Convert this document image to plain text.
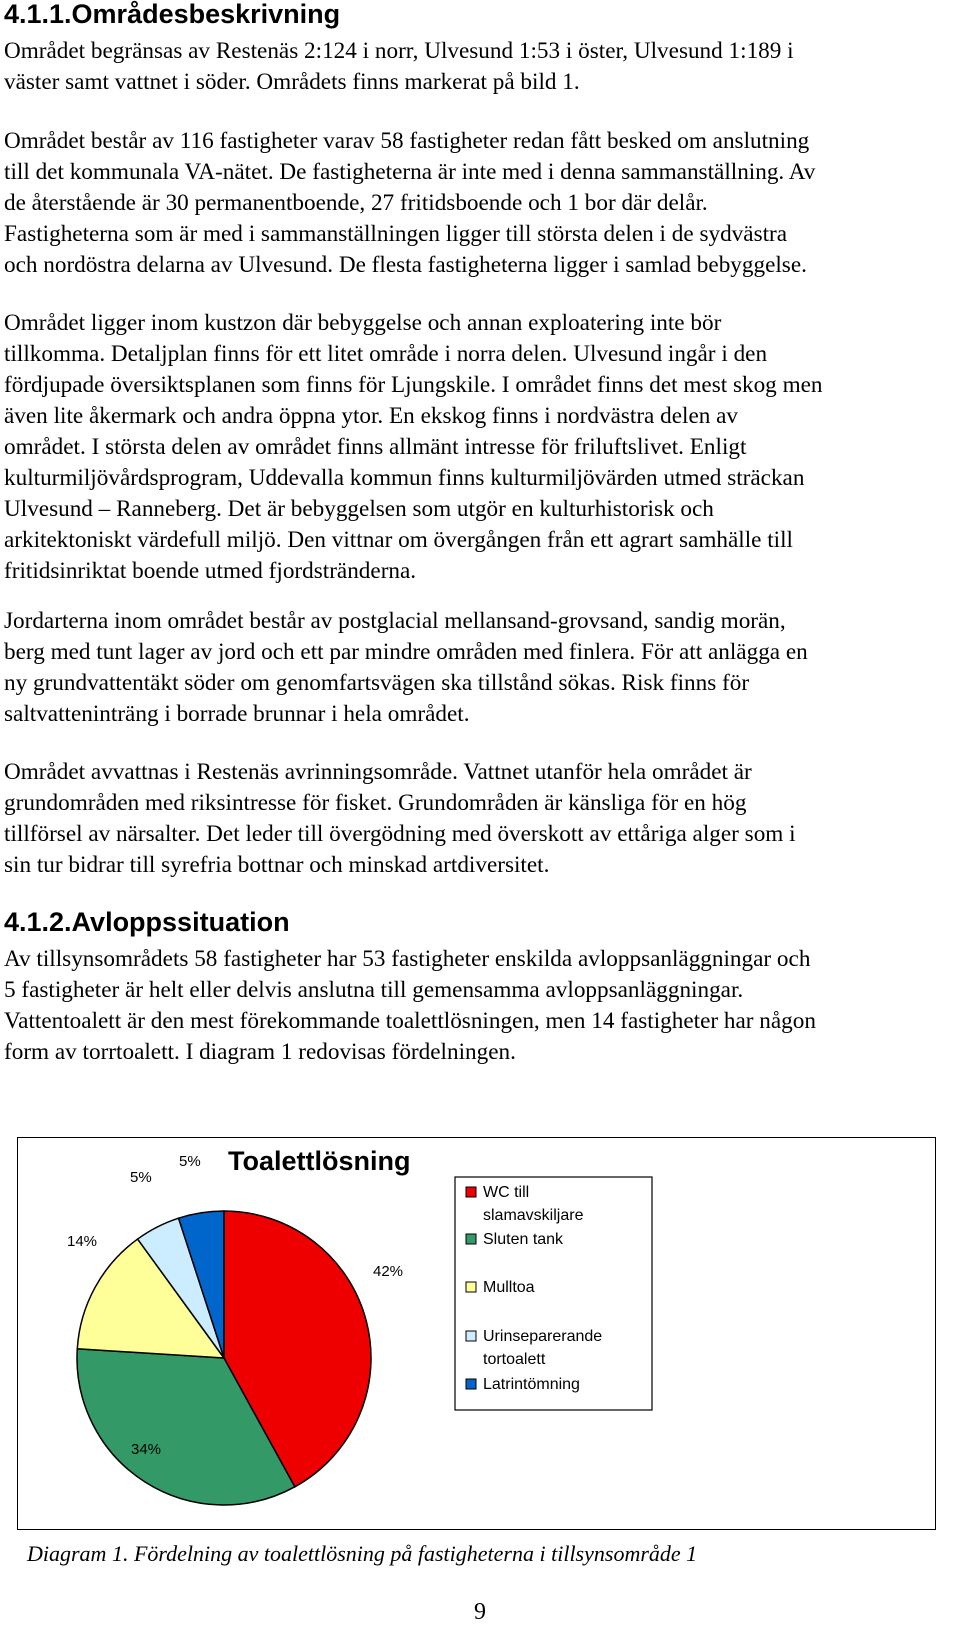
4.1.1.Områdesbeskrivning

Området begränsas av Restenäs 2:124 i norr, Ulvesund 1:53 i öster, Ulvesund 1:189 i
väster samt vattnet i söder. Områdets finns markerat på bild 1.

Området består av 116 fastigheter varav 58 fastigheter redan fått besked om anslutning
till det kommunala VA-nätet. De fastigheterna är inte med i denna sammanställning. Av
de återstående är 30 permanentboende, 27 fritidsboende och 1 bor där delår.
Fastigheterna som är med i sammanställningen ligger till största delen i de sydvästra
och nordöstra delarna av Ulvesund. De flesta fastigheterna ligger i samlad bebyggelse.

Området ligger inom kustzon där bebyggelse och annan exploatering inte bör
tillkomma. Detaljplan finns för ett litet område i norra delen. Ulvesund ingår i den
fördjupade översiktsplanen som finns för Ljungskile. I området finns det mest skog men
även lite åkermark och andra öppna ytor. En ekskog finns i nordvästra delen av
området. I största delen av området finns allmänt intresse för friluftslivet. Enligt
kulturmiljövårdsprogram, Uddevalla kommun finns kulturmiljövärden utmed sträckan
Ulvesund – Ranneberg. Det är bebyggelsen som utgör en kulturhistorisk och
arkitektoniskt värdefull miljö. Den vittnar om övergången från ett agrart samhälle till
fritidsinriktat boende utmed fjordstränderna.

Jordarterna inom området består av postglacial mellansand-grovsand, sandig morän,
berg med tunt lager av jord och ett par mindre områden med finlera. För att anlägga en
ny grundvattentäkt söder om genomfartsvägen ska tillstånd sökas. Risk finns för
saltvatteninträng i borrade brunnar i hela området.

Området avvattnas i Restenäs avrinningsområde. Vattnet utanför hela området är
grundområden med riksintresse för fisket. Grundområden är känsliga för en hög
tillförsel av närsalter. Det leder till övergödning med överskott av ettåriga alger som i
sin tur bidrar till syrefria bottnar och minskad artdiversitet.

4.1.2.Avloppssituation

Av tillsynsområdets 58 fastigheter har 53 fastigheter enskilda avloppsanläggningar och
5 fastigheter är helt eller delvis anslutna till gemensamma avloppsanläggningar.
Vattentoalett är den mest förekommande toalettlösningen, men 14 fastigheter har någon
form av torrtoalett. I diagram 1 redovisas fördelningen.

Toalettlösning
42%
34%
14%
5%
5%
WC till
slamavskiljare
Sluten tank
Mulltoa
Urinseparerande
tortoalett
Latrintömning

Diagram 1. Fördelning av toalettlösning på fastigheterna i tillsynsområde 1

9
